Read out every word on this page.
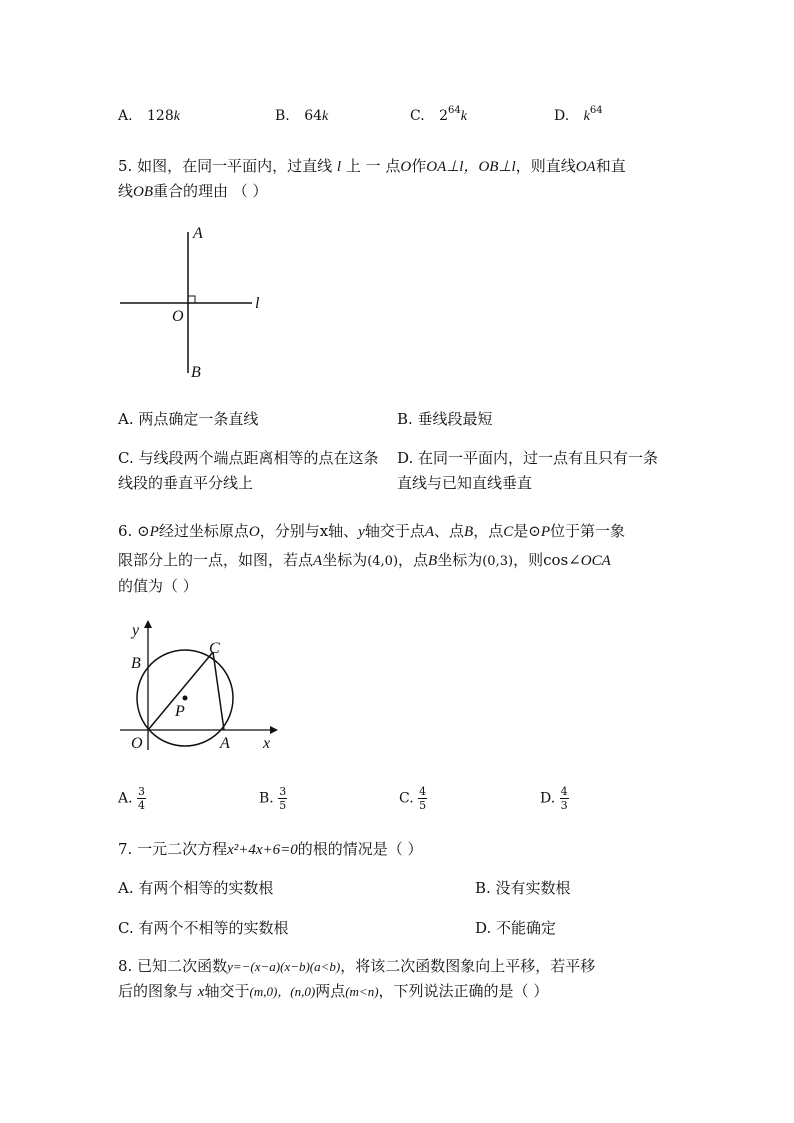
A. 128k	B. 64k	C. $2^{64}k$	D. $k^{64}$
5. 如图，在同一平面内，过直线 l 上 一 点O作OA⊥l，OB⊥l，则直线OA和直
线OB重合的理由 （ ）
A
O
l
B
A. 两点确定一条直线	B. 垂线段最短
C. 与线段两个端点距离相等的点在这条
线段的垂直平分线上
D. 在同一平面内，过一点有且只有一条
直线与已知直线垂直
6. ⊙P经过坐标原点O，分别与x轴、y轴交于点A、点B，点C是⊙P位于第一象
限部分上的一点，如图，若点A坐标为(4,0)，点B坐标为(0,3)，则cos∠OCA
的值为（ ）
y
B
C
P
O	A x
A. $\frac{3}{4}$	B. $\frac{3}{5}$	C. $\frac{4}{5}$	D. $\frac{4}{3}$
7. 一元二次方程x²+4x+6=0的根的情况是（ ）
A. 有两个相等的实数根	B. 没有实数根
C. 有两个不相等的实数根	D. 不能确定
8. 已知二次函数y=−(x−a)(x−b)(a<b)，将该二次函数图象向上平移，若平移
后的图象与 x轴交于(m,0)，(n,0)两点(m<n)，下列说法正确的是（ ）
